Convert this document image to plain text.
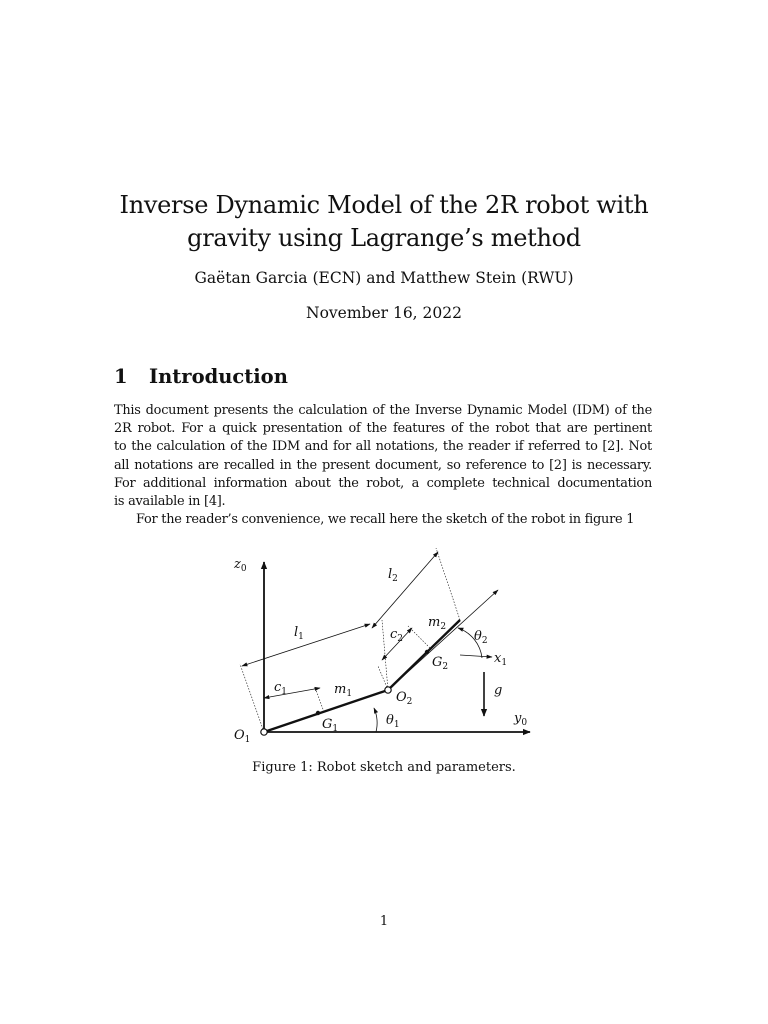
Inverse Dynamic Model of the 2R robot with
gravity using Lagrange’s method
Gaëtan Garcia (ECN) and Matthew Stein (RWU)
November 16, 2022
1 Introduction
This document presents the calculation of the Inverse Dynamic Model (IDM) of the
2R robot. For a quick presentation of the features of the robot that are pertinent
to the calculation of the IDM and for all notations, the reader if referred to [2]. Not
all notations are recalled in the present document, so reference to [2] is necessary.
For additional information about the robot, a complete technical documentation
is available in [4].
For the reader’s convenience, we recall here the sketch of the robot in figure 1
$z_0$
$y_0$
$x_1$
$O_1$
$O_2$
$G_1$
$G_2$
$l_1$
$l_2$
$c_1$
$c_2$
$m_1$
$m_2$
$\theta_1$
$\theta_2$
g
Figure 1: Robot sketch and parameters.
1
